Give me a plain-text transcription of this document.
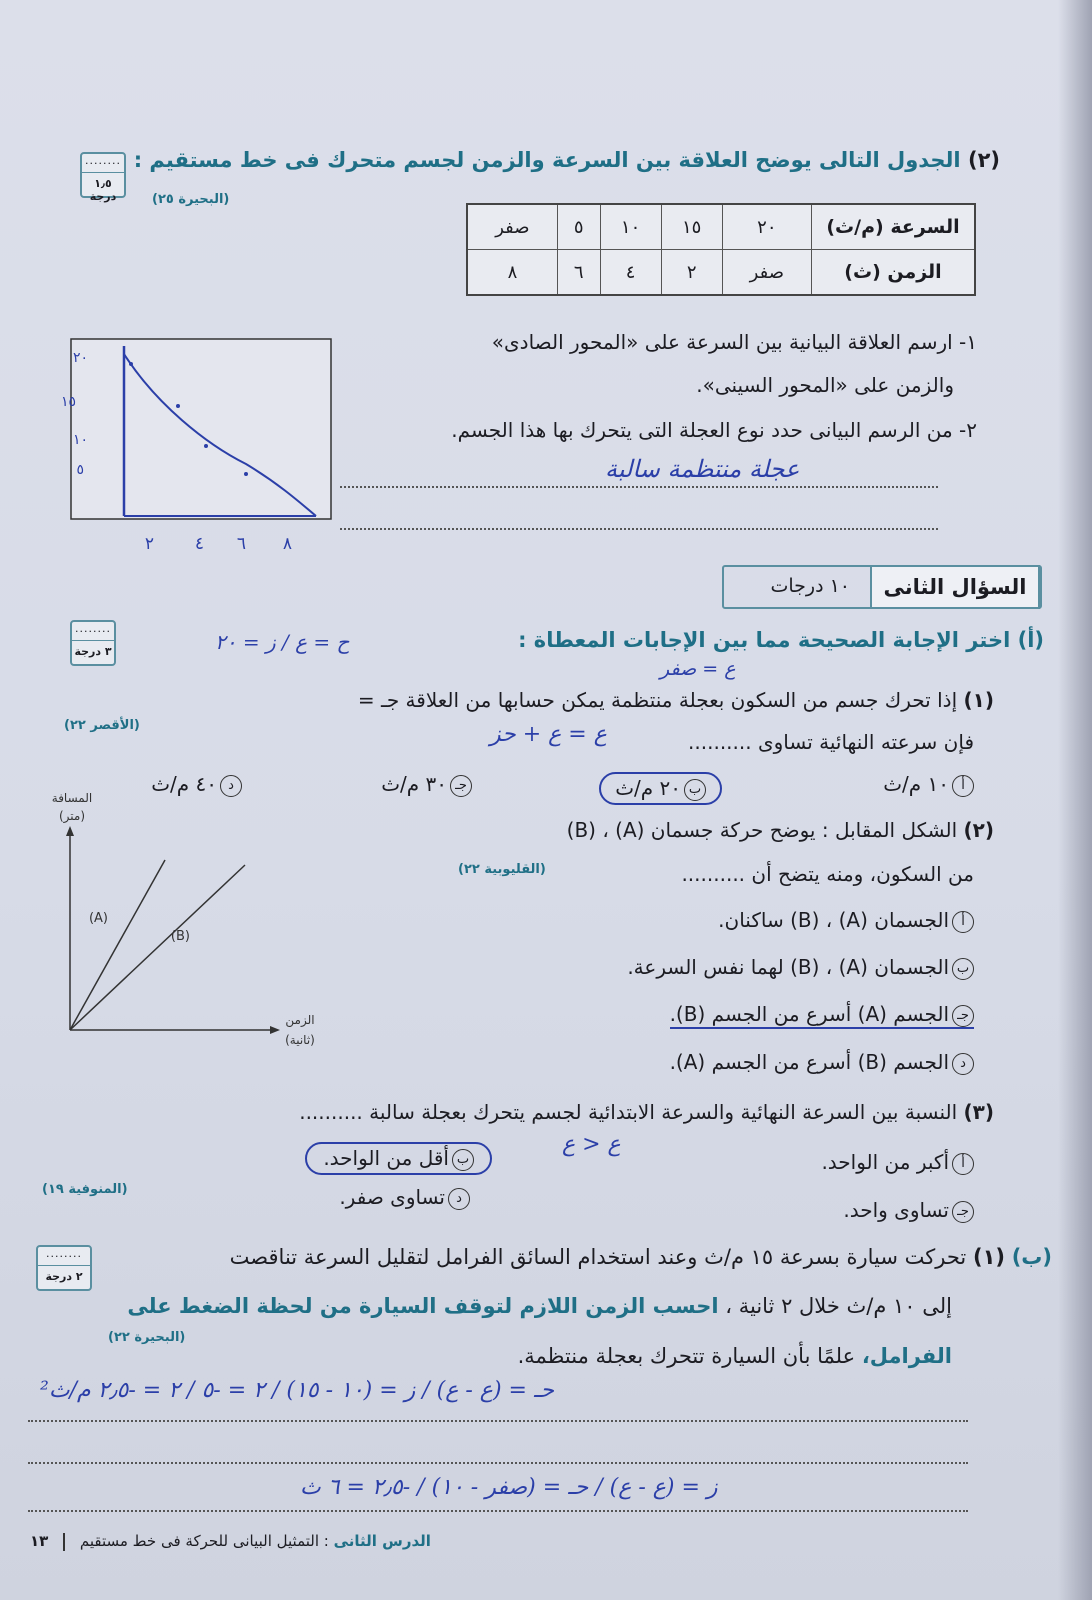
(٢) الجدول التالى يوضح العلاقة بين السرعة والزمن لجسم متحرك فى خط مستقيم :
(البحيرة ٢٥)
........
١٫٥ درجة
السرعة (م/ث)	٢٠	١٥	١٠	٥	صفر
الزمن (ث)	صفر	٢	٤	٦	٨
١- ارسم العلاقة البيانية بين السرعة على «المحور الصادى»
والزمن على «المحور السينى».
٢- من الرسم البيانى حدد نوع العجلة التى يتحرك بها هذا الجسم.
عجلة منتظمة سالبة
٢٠
١٥
١٠
٥
٢ ٤ ٦ ٨
السؤال الثانى
١٠ درجات
(أ) اختر الإجابة الصحيحة مما بين الإجابات المعطاة :
........
٣ درجة	ح = ع / ز = ٢٠
(١) إذا تحرك جسم من السكون بعجلة منتظمة يمكن حسابها من العلاقة جـ =
ع = صفر
فإن سرعته النهائية تساوى ..........
ع = ع + حز
(الأقصر ٢٢)
أ١٠ م/ث
ب٢٠ م/ث
جـ٣٠ م/ث
د٤٠ م/ث
(٢) الشكل المقابل : يوضح حركة جسمان (A) ، (B)
من السكون، ومنه يتضح أن ..........
(القليوبية ٢٢)
أالجسمان (A) ، (B) ساكنان.
بالجسمان (A) ، (B) لهما نفس السرعة.
جـالجسم (A) أسرع من الجسم (B).
دالجسم (B) أسرع من الجسم (A).
المسافة
(متر)
(A)
(B)
الزمن
(ثانية)
(٣) النسبة بين السرعة النهائية والسرعة الابتدائية لجسم يتحرك بعجلة سالبة ..........
ع < ع
أأكبر من الواحد.
بأقل من الواحد.
جـتساوى واحد.
دتساوى صفر.
(المنوفية ١٩)
(ب) (١) تحركت سيارة بسرعة ١٥ م/ث وعند استخدام السائق الفرامل لتقليل السرعة تناقصت
إلى ١٠ م/ث خلال ٢ ثانية ، احسب الزمن اللازم لتوقف السيارة من لحظة الضغط على
الفرامل، علمًا بأن السيارة تتحرك بعجلة منتظمة.
(البحيرة ٢٢)
........
٢ درجة
حـ = (ع - ع) / ز = (١٠ - ١٥) / ٢ = -٥ / ٢ = -٢٫٥ م/ث²
ز = (ع - ع) / حـ = (صفر - ١٠) / -٢٫٥ = ٦ ث
الدرس الثانى : التمثيل البيانى للحركة فى خط مستقيم  ١٣
